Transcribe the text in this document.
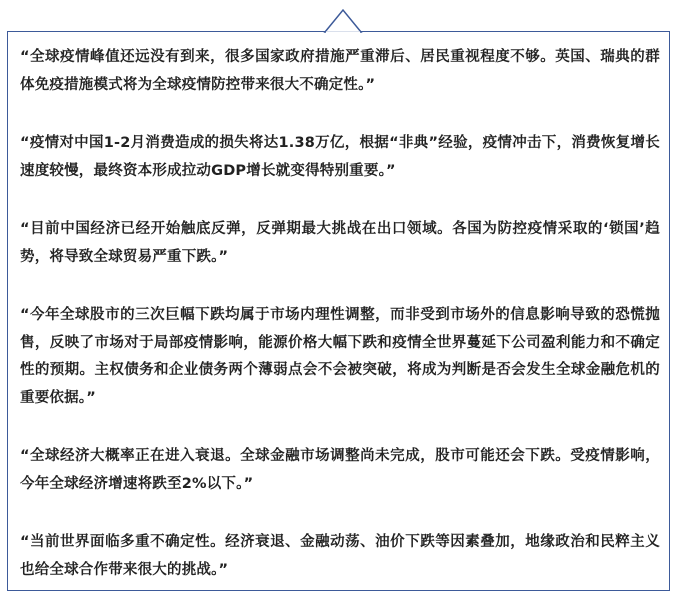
“全球疫情峰值还远没有到来，很多国家政府措施严重滞后、居民重视程度不够。英国、瑞典的群体免疫措施模式将为全球疫情防控带来很大不确定性。”
“疫情对中国1-2月消费造成的损失将达1.38万亿，根据“非典”经验，疫情冲击下，消费恢复增长速度较慢，最终资本形成拉动GDP增长就变得特别重要。”
“目前中国经济已经开始触底反弹，反弹期最大挑战在出口领域。各国为防控疫情采取的‘锁国’趋势，将导致全球贸易严重下跌。”
“今年全球股市的三次巨幅下跌均属于市场内理性调整，而非受到市场外的信息影响导致的恐慌抛售，反映了市场对于局部疫情影响，能源价格大幅下跌和疫情全世界蔓延下公司盈利能力和不确定性的预期。主权债务和企业债务两个薄弱点会不会被突破，将成为判断是否会发生全球金融危机的重要依据。”
“全球经济大概率正在进入衰退。全球金融市场调整尚未完成，股市可能还会下跌。受疫情影响，今年全球经济增速将跌至2%以下。”
“当前世界面临多重不确定性。经济衰退、金融动荡、油价下跌等因素叠加，地缘政治和民粹主义也给全球合作带来很大的挑战。”
